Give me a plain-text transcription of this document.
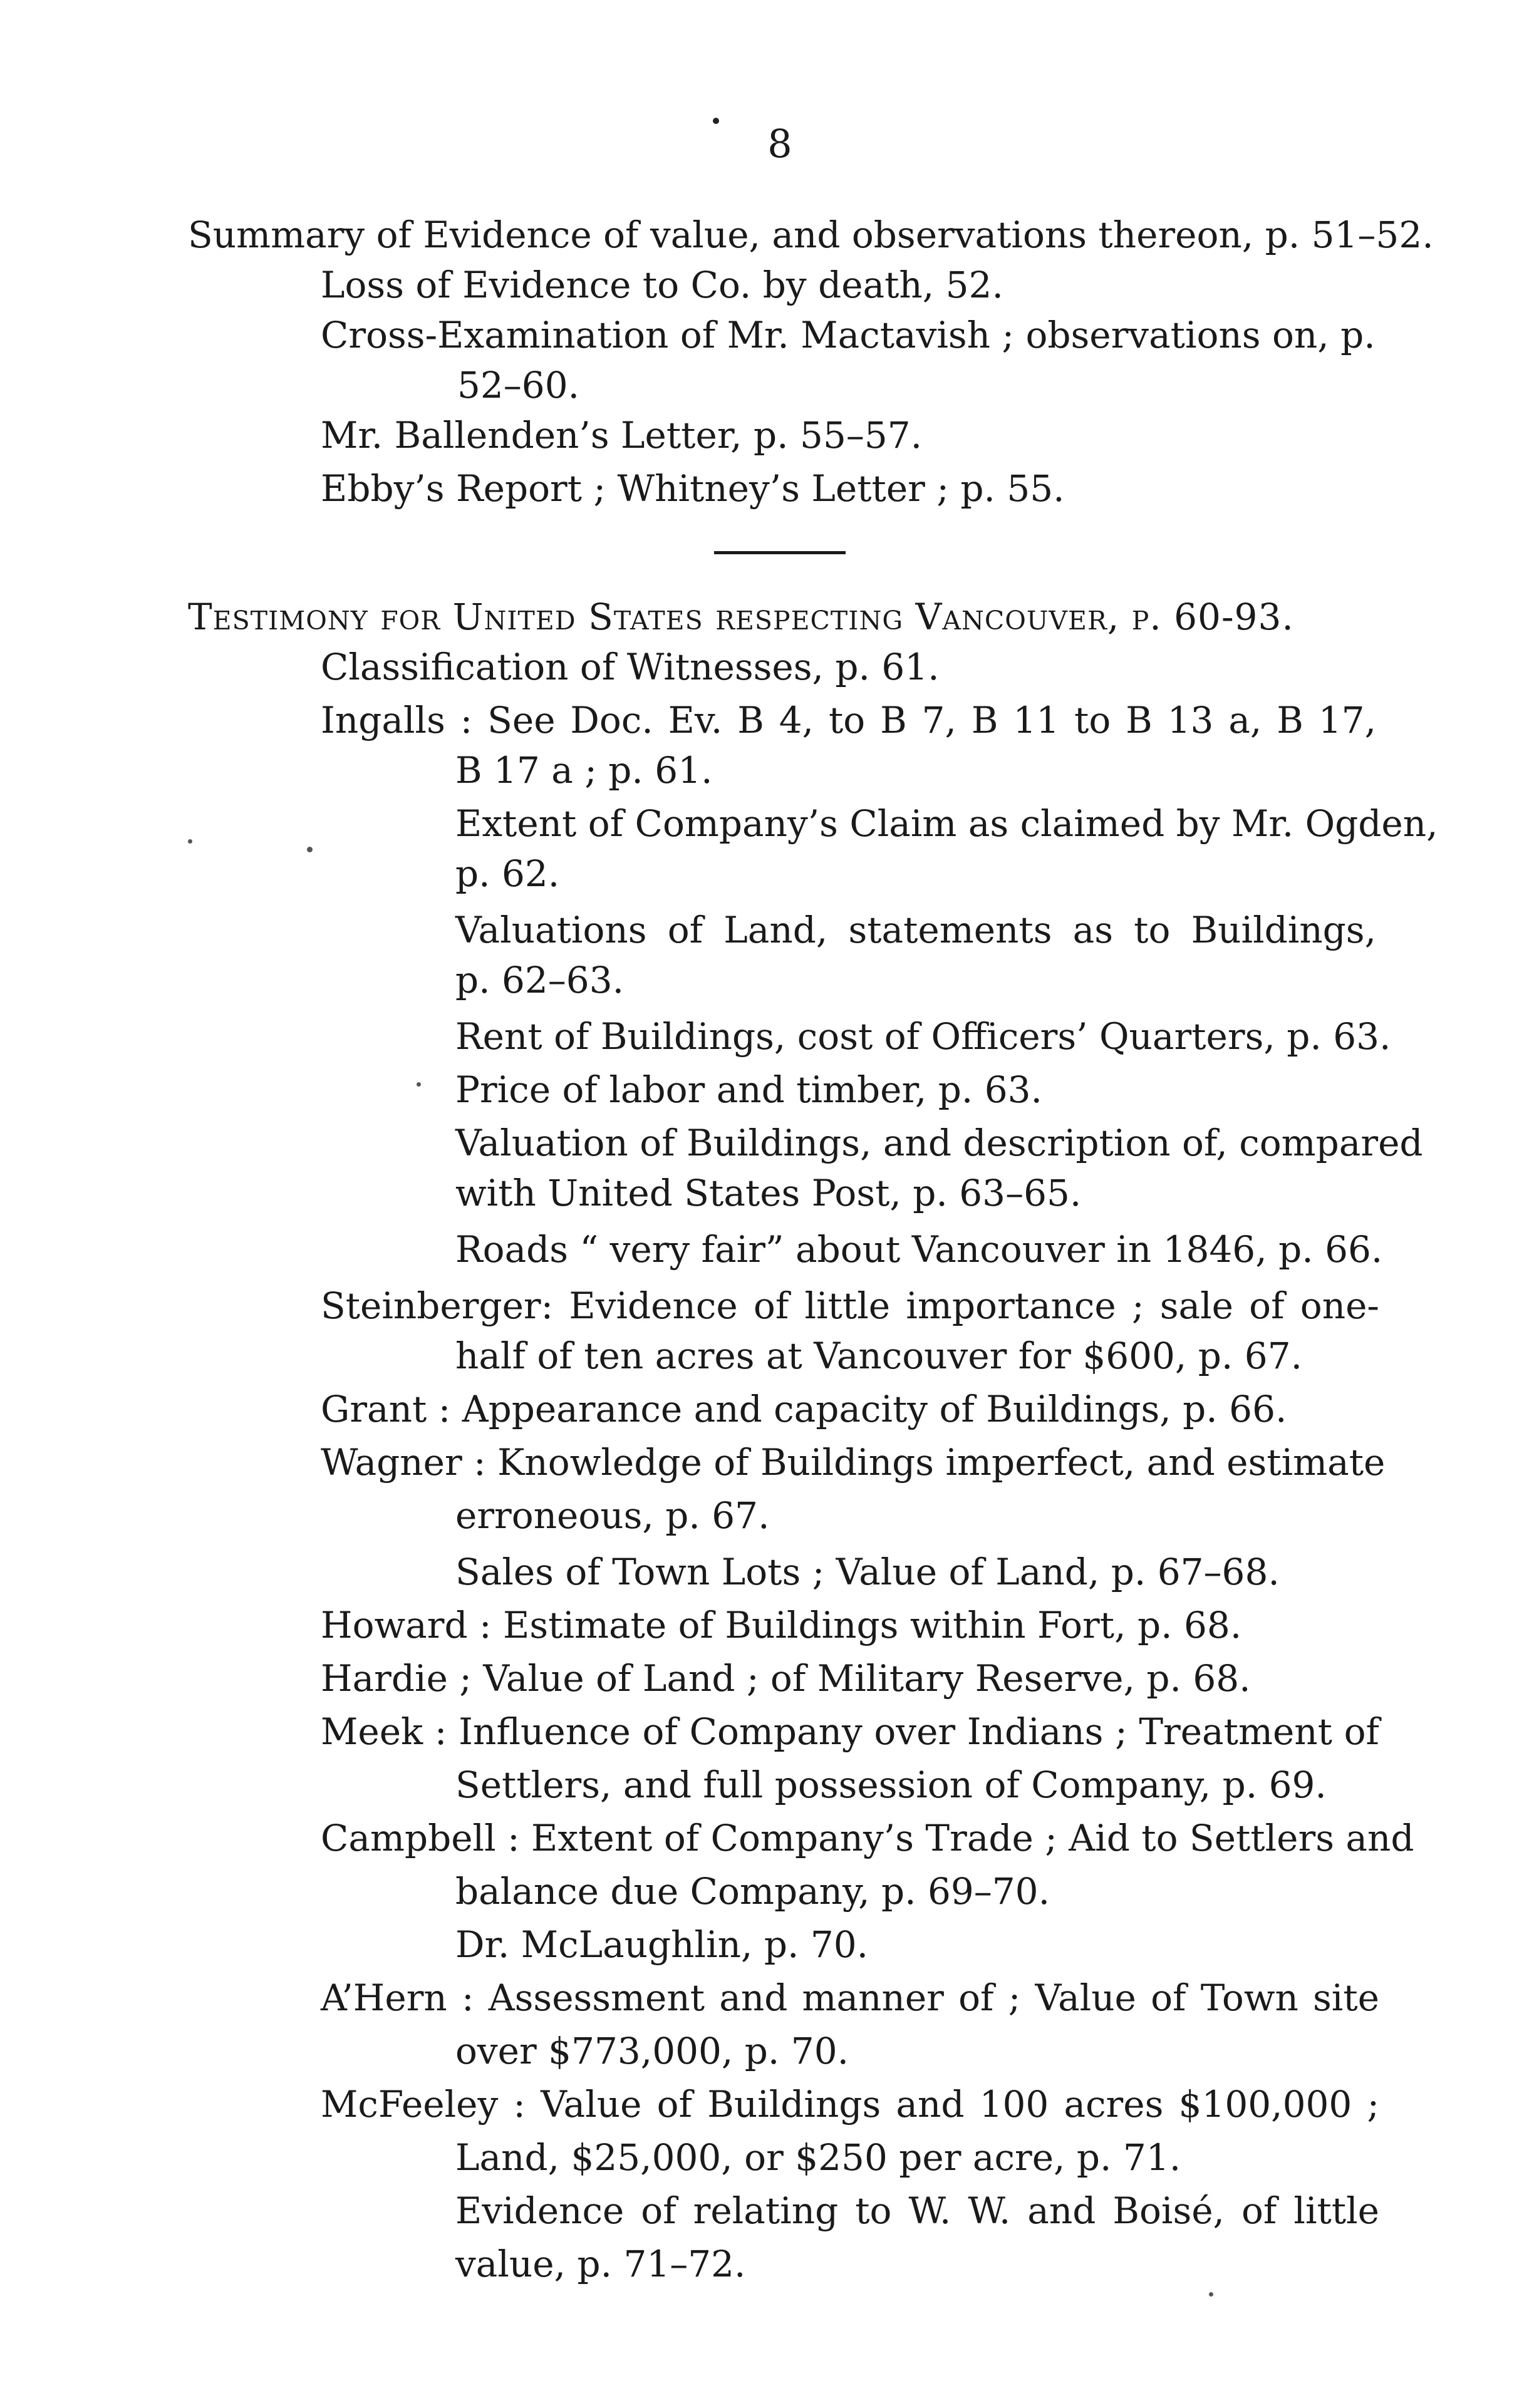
8
Summary of Evidence of value, and observations thereon, p. 51–52.
Loss of Evidence to Co. by death, 52.
Cross-Examination of Mr. Mactavish ; observations on, p.
52–60.
Mr. Ballenden’s Letter, p. 55–57.
Ebby’s Report ; Whitney’s Letter ; p. 55.
Testimony for United States respecting Vancouver, p. 60-93.
Classification of Witnesses, p. 61.
Ingalls : See Doc. Ev. B 4, to B 7, B 11 to B 13 a, B 17,
B 17 a ; p. 61.
Extent of Company’s Claim as claimed by Mr. Ogden,
p. 62.
Valuations of Land, statements as to Buildings,
p. 62–63.
Rent of Buildings, cost of Officers’ Quarters, p. 63.
Price of labor and timber, p. 63.
Valuation of Buildings, and description of, compared
with United States Post, p. 63–65.
Roads “ very fair” about Vancouver in 1846, p. 66.
Steinberger: Evidence of little importance ; sale of one-
half of ten acres at Vancouver for $600, p. 67.
Grant : Appearance and capacity of Buildings, p. 66.
Wagner : Knowledge of Buildings imperfect, and estimate
erroneous, p. 67.
Sales of Town Lots ; Value of Land, p. 67–68.
Howard : Estimate of Buildings within Fort, p. 68.
Hardie ; Value of Land ; of Military Reserve, p. 68.
Meek : Influence of Company over Indians ; Treatment of
Settlers, and full possession of Company, p. 69.
Campbell : Extent of Company’s Trade ; Aid to Settlers and
balance due Company, p. 69–70.
Dr. McLaughlin, p. 70.
A’Hern : Assessment and manner of ; Value of Town site
over $773,000, p. 70.
McFeeley : Value of Buildings and 100 acres $100,000 ;
Land, $25,000, or $250 per acre, p. 71.
Evidence of relating to W. W. and Boisé, of little
value, p. 71–72.
